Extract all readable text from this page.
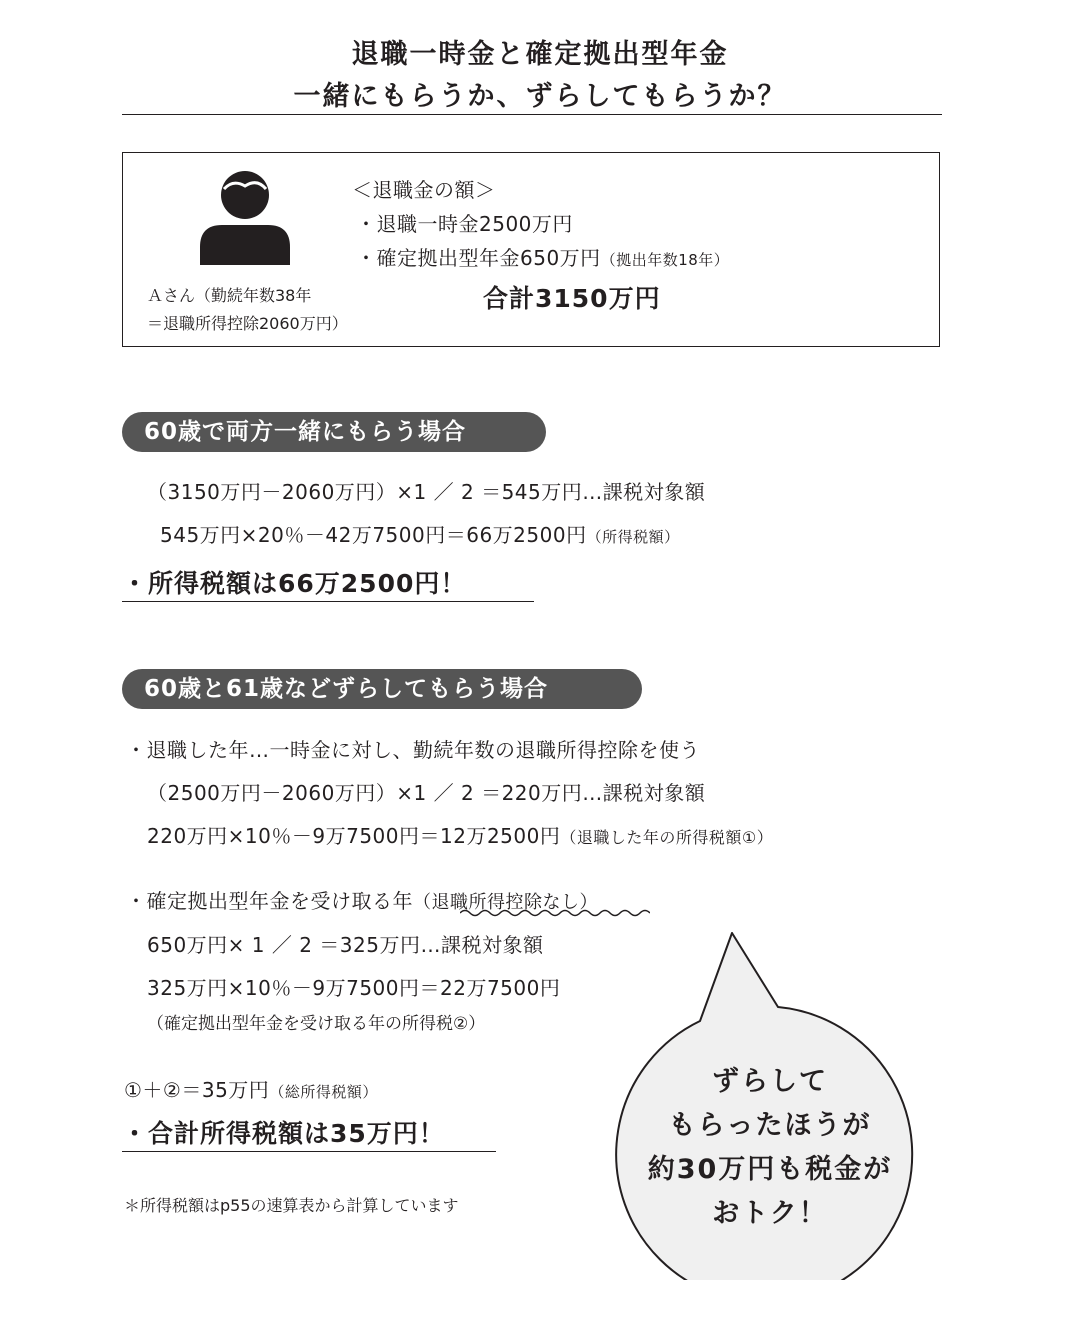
退職一時金と確定拠出型年金
一緒にもらうか、ずらしてもらうか？
Ａさん（勤続年数38年
＝退職所得控除2060万円）
＜退職金の額＞
・退職一時金2500万円
・確定拠出型年金650万円（拠出年数18年）
合計3150万円
60歳で両方一緒にもらう場合
（3150万円－2060万円）×1 ／ 2 ＝545万円…課税対象額
545万円×20％－42万7500円＝66万2500円（所得税額）
・所得税額は66万2500円！
60歳と61歳などずらしてもらう場合
・退職した年…一時金に対し、勤続年数の退職所得控除を使う
（2500万円－2060万円）×1 ／ 2 ＝220万円…課税対象額
220万円×10％－9万7500円＝12万2500円（退職した年の所得税額①）
・確定拠出型年金を受け取る年（退職所得控除なし）
650万円× 1 ／ 2 ＝325万円…課税対象額
325万円×10％－9万7500円＝22万7500円
（確定拠出型年金を受け取る年の所得税②）
①＋②＝35万円（総所得税額）
・合計所得税額は35万円！
＊所得税額はp55の速算表から計算しています
ずらして
もらったほうが
約30万円も税金が
おトク！
